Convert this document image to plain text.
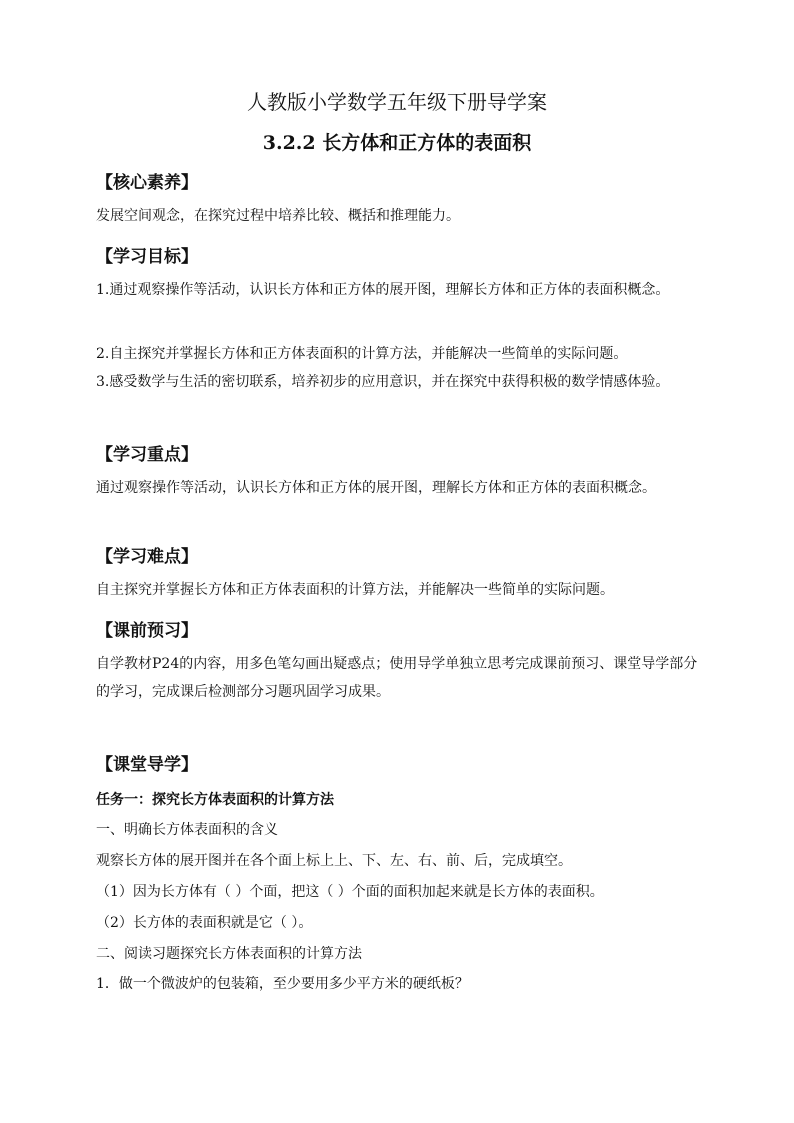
人教版小学数学五年级下册导学案
3.2.2 长方体和正方体的表面积
【核心素养】
发展空间观念，在探究过程中培养比较、概括和推理能力。
【学习目标】
1.通过观察操作等活动，认识长方体和正方体的展开图，理解长方体和正方体的表面积概念。
2.自主探究并掌握长方体和正方体表面积的计算方法，并能解决一些简单的实际问题。
3.感受数学与生活的密切联系，培养初步的应用意识，并在探究中获得积极的数学情感体验。
【学习重点】
通过观察操作等活动，认识长方体和正方体的展开图，理解长方体和正方体的表面积概念。
【学习难点】
自主探究并掌握长方体和正方体表面积的计算方法，并能解决一些简单的实际问题。
【课前预习】
自学教材P24的内容，用多色笔勾画出疑惑点；使用导学单独立思考完成课前预习、课堂导学部分的学习，完成课后检测部分习题巩固学习成果。
【课堂导学】
任务一：探究长方体表面积的计算方法
一、明确长方体表面积的含义
观察长方体的展开图并在各个面上标上上、下、左、右、前、后，完成填空。
（1）因为长方体有（ ）个面，把这（ ）个面的面积加起来就是长方体的表面积。
（2）长方体的表面积就是它（ ）。
二、阅读习题探究长方体表面积的计算方法
1．做一个微波炉的包装箱，至少要用多少平方米的硬纸板？
